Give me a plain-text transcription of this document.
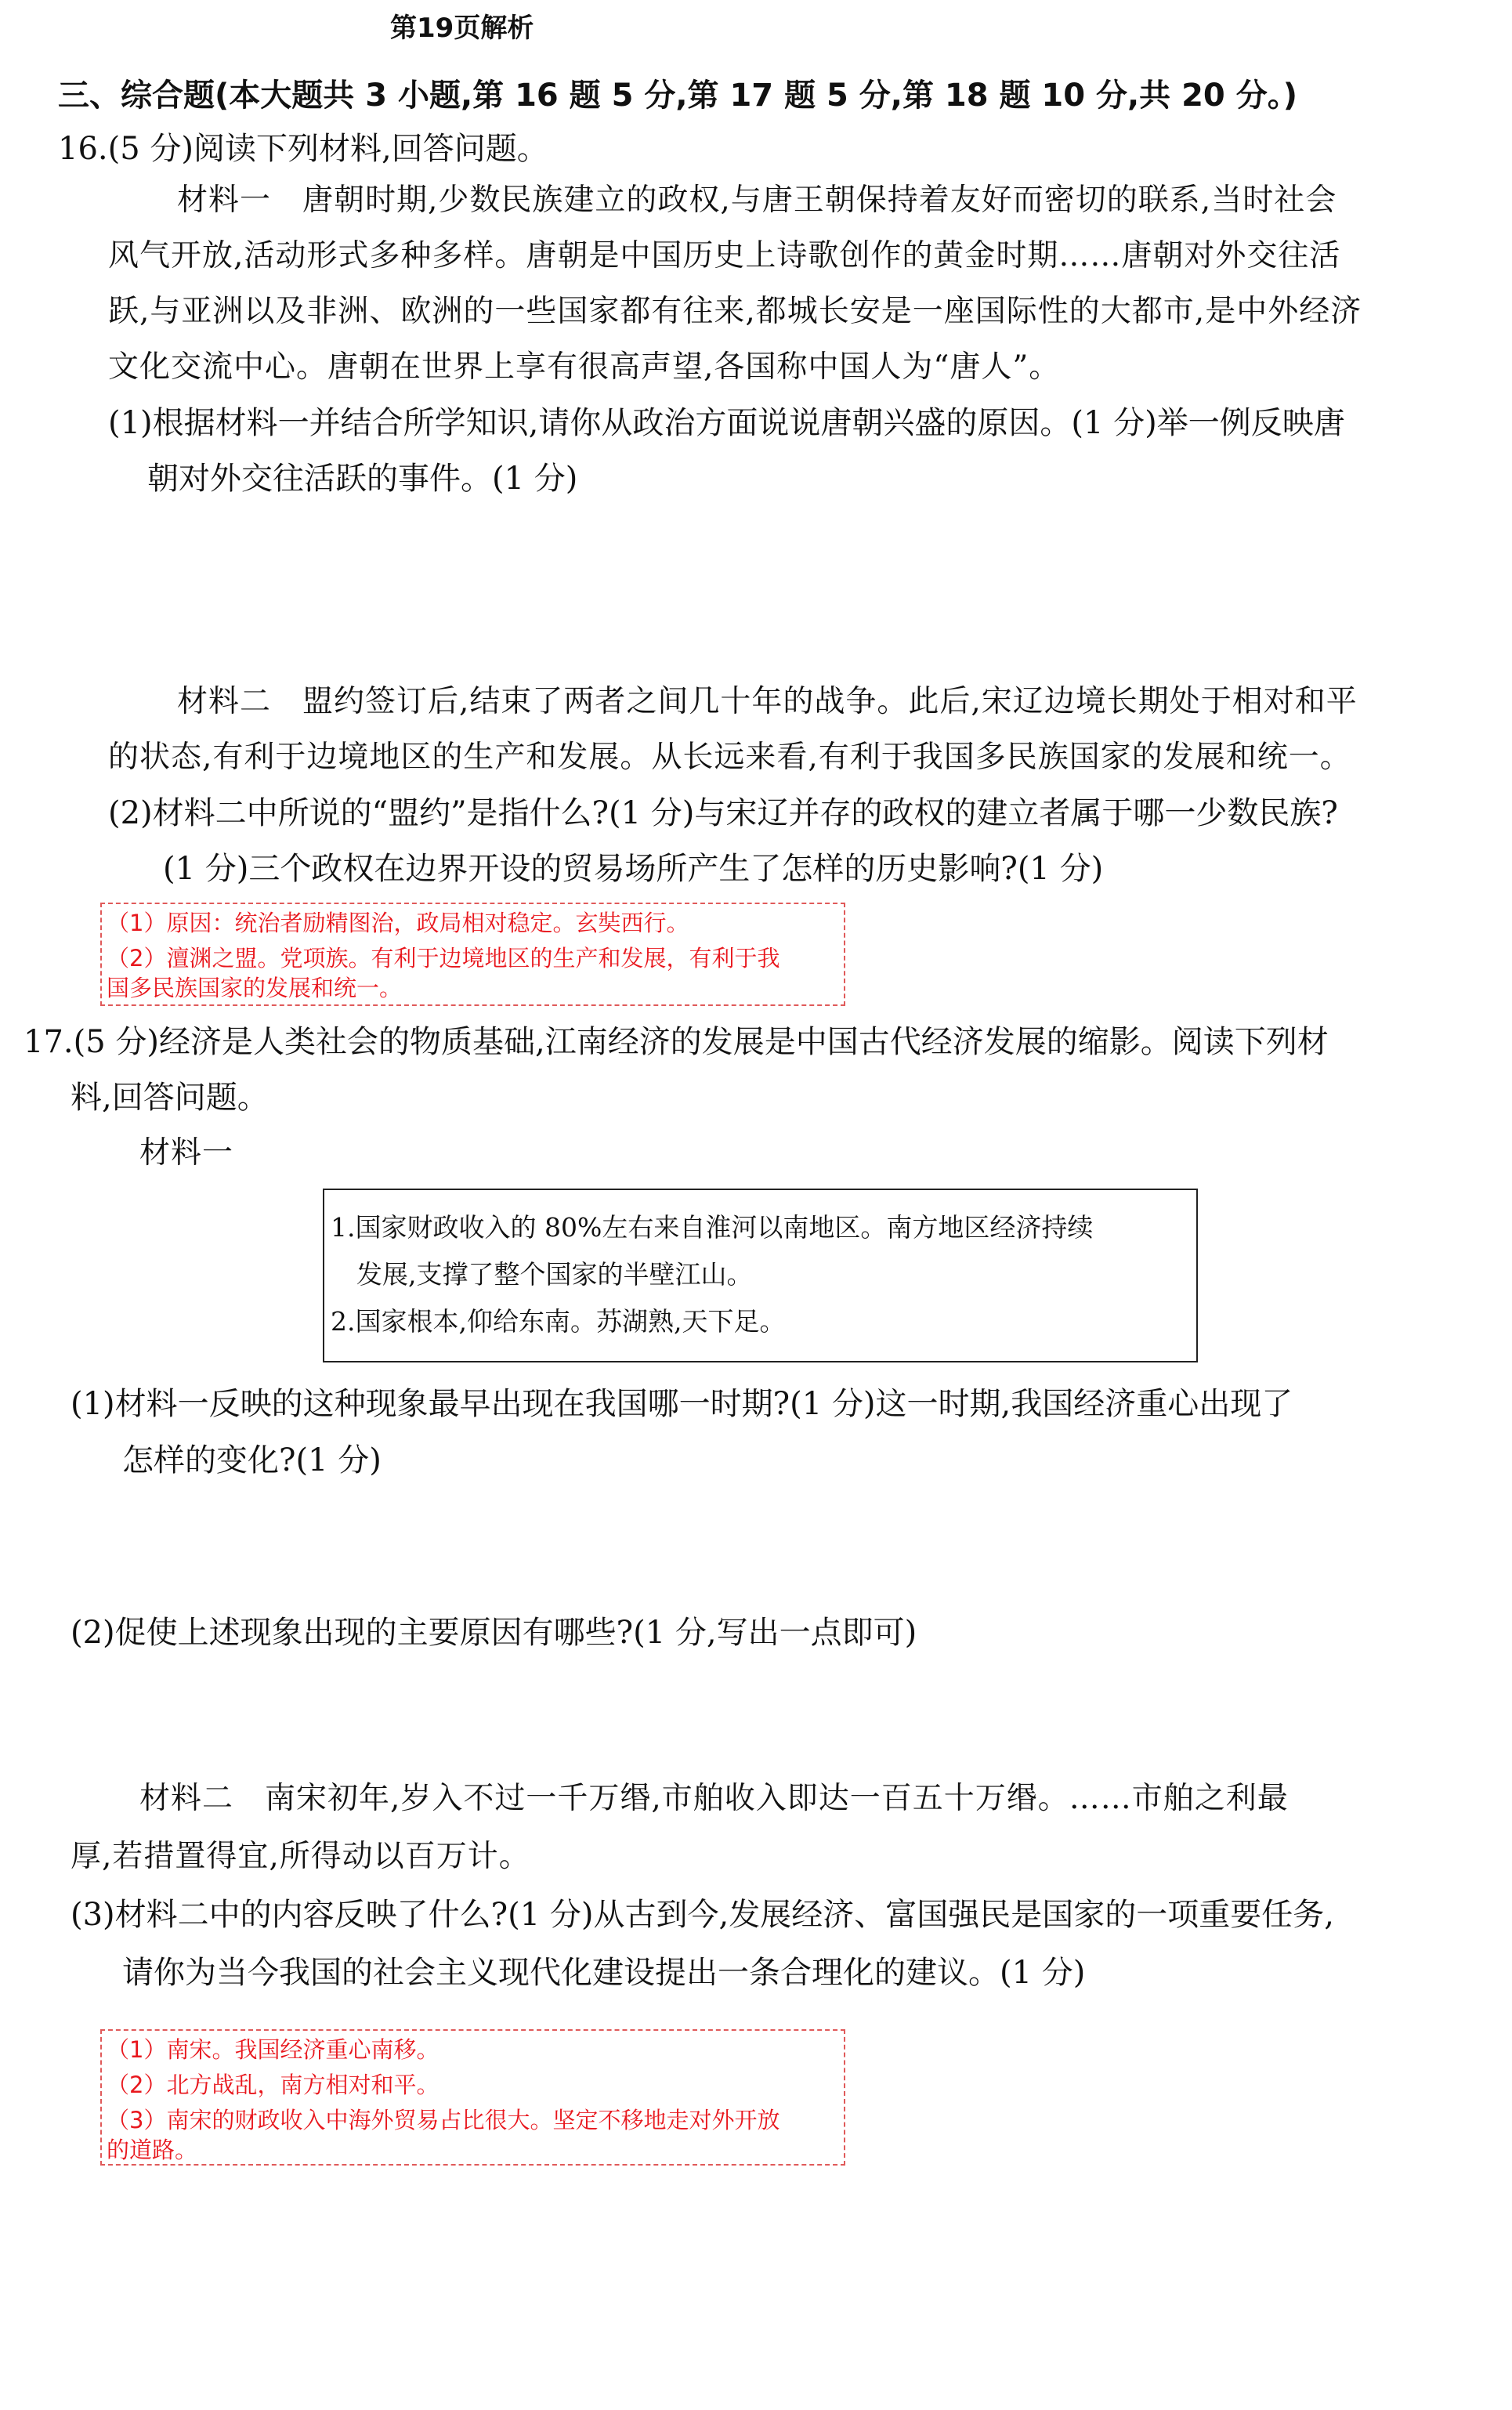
第19页解析
三、综合题(本大题共 3 小题,第 16 题 5 分,第 17 题 5 分,第 18 题 10 分,共 20 分。)
16.(5 分)阅读下列材料,回答问题。
材料一　唐朝时期,少数民族建立的政权,与唐王朝保持着友好而密切的联系,当时社会
风气开放,活动形式多种多样。唐朝是中国历史上诗歌创作的黄金时期……唐朝对外交往活
跃,与亚洲以及非洲、欧洲的一些国家都有往来,都城长安是一座国际性的大都市,是中外经济
文化交流中心。唐朝在世界上享有很高声望,各国称中国人为“唐人”。
(1)根据材料一并结合所学知识,请你从政治方面说说唐朝兴盛的原因。(1 分)举一例反映唐
朝对外交往活跃的事件。(1 分)
材料二　盟约签订后,结束了两者之间几十年的战争。此后,宋辽边境长期处于相对和平
的状态,有利于边境地区的生产和发展。从长远来看,有利于我国多民族国家的发展和统一。
(2)材料二中所说的“盟约”是指什么?(1 分)与宋辽并存的政权的建立者属于哪一少数民族?
(1 分)三个政权在边界开设的贸易场所产生了怎样的历史影响?(1 分)
（1）原因：统治者励精图治，政局相对稳定。玄奘西行。
（2）澶渊之盟。党项族。有利于边境地区的生产和发展，有利于我
国多民族国家的发展和统一。
17.(5 分)经济是人类社会的物质基础,江南经济的发展是中国古代经济发展的缩影。阅读下列材
料,回答问题。
材料一
1.国家财政收入的 80%左右来自淮河以南地区。南方地区经济持续
　发展,支撑了整个国家的半壁江山。
2.国家根本,仰给东南。苏湖熟,天下足。
(1)材料一反映的这种现象最早出现在我国哪一时期?(1 分)这一时期,我国经济重心出现了
怎样的变化?(1 分)
(2)促使上述现象出现的主要原因有哪些?(1 分,写出一点即可)
材料二　南宋初年,岁入不过一千万缗,市舶收入即达一百五十万缗。……市舶之利最
厚,若措置得宜,所得动以百万计。
(3)材料二中的内容反映了什么?(1 分)从古到今,发展经济、富国强民是国家的一项重要任务,
请你为当今我国的社会主义现代化建设提出一条合理化的建议。(1 分)
（1）南宋。我国经济重心南移。
（2）北方战乱，南方相对和平。
（3）南宋的财政收入中海外贸易占比很大。坚定不移地走对外开放
的道路。
